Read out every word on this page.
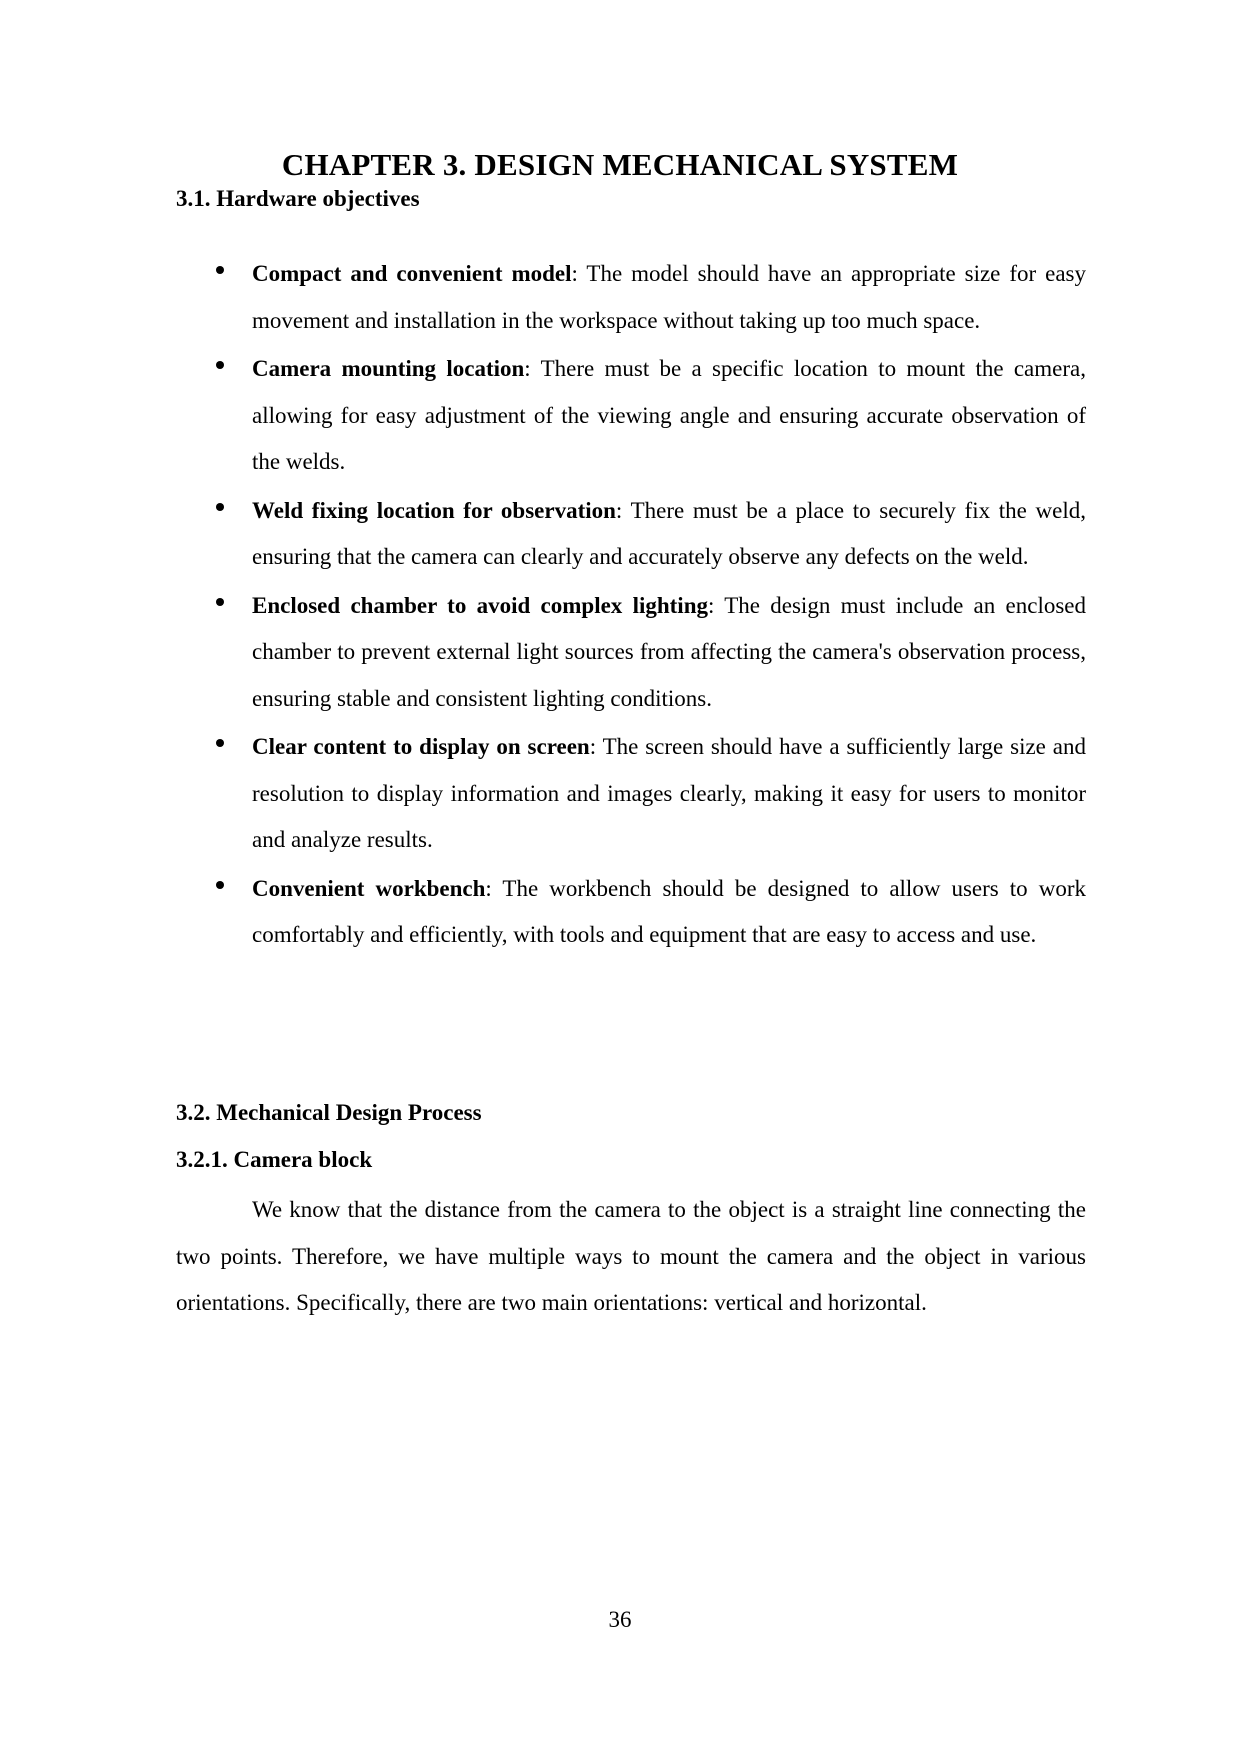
CHAPTER 3. DESIGN MECHANICAL SYSTEM
3.1. Hardware objectives
Compact and convenient model: The model should have an appropriate size for easy movement and installation in the workspace without taking up too much space.
Camera mounting location: There must be a specific location to mount the camera, allowing for easy adjustment of the viewing angle and ensuring accurate observation of the welds.
Weld fixing location for observation: There must be a place to securely fix the weld, ensuring that the camera can clearly and accurately observe any defects on the weld.
Enclosed chamber to avoid complex lighting: The design must include an enclosed chamber to prevent external light sources from affecting the camera's observation process, ensuring stable and consistent lighting conditions.
Clear content to display on screen: The screen should have a sufficiently large size and resolution to display information and images clearly, making it easy for users to monitor and analyze results.
Convenient workbench: The workbench should be designed to allow users to work comfortably and efficiently, with tools and equipment that are easy to access and use.
3.2. Mechanical Design Process
3.2.1. Camera block

We know that the distance from the camera to the object is a straight line connecting the two points. Therefore, we have multiple ways to mount the camera and the object in various orientations. Specifically, there are two main orientations: vertical and horizontal.

36
